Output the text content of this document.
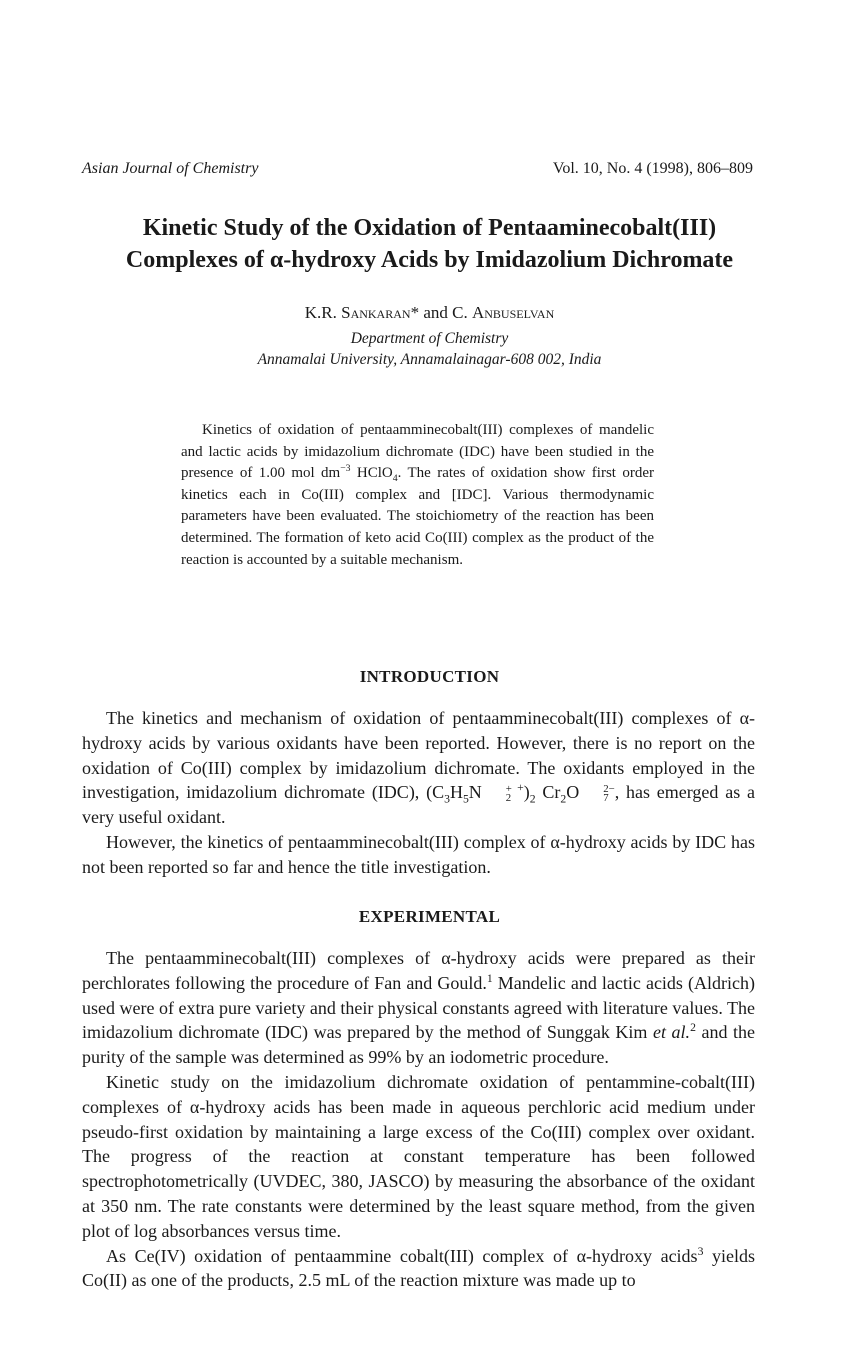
Asian Journal of Chemistry	Vol. 10, No. 4 (1998), 806–809
Kinetic Study of the Oxidation of Pentaaminecobalt(III)
Complexes of α-hydroxy Acids by Imidazolium Dichromate
K.R. Sankaran* and C. Anbuselvan
Department of Chemistry
Annamalai University, Annamalainagar-608 002, India

Kinetics of oxidation of pentaamminecobalt(III) complexes of mandelic and lactic acids by imidazolium dichromate (IDC) have been studied in the presence of 1.00 mol $dm^{-3}$ HClO$_4$. The rates of oxidation show first order kinetics each in Co(III) complex and [IDC]. Various thermodynamic parameters have been evaluated. The stoichiometry of the reaction has been determined. The formation of keto acid Co(III) complex as the product of the reaction is accounted by a suitable mechanism.

INTRODUCTION

The kinetics and mechanism of oxidation of pentaamminecobalt(III) complexes of α-hydroxy acids by various oxidants have been reported. However, there is no report on the oxidation of Co(III) complex by imidazolium dichromate. The oxidants employed in the investigation, imidazolium dichromate (IDC), ($C_3H_5N$	+
2
$^+)_2$ $Cr_2O$	2−
7 , has emerged as a very useful oxidant.

However, the kinetics of pentaamminecobalt(III) complex of α-hydroxy acids by IDC has not been reported so far and hence the title investigation.

EXPERIMENTAL

The pentaamminecobalt(III) complexes of α-hydroxy acids were prepared as their perchlorates following the procedure of Fan and Gould.$^1$ Mandelic and lactic acids (Aldrich) used were of extra pure variety and their physical constants agreed with literature values. The imidazolium dichromate (IDC) was prepared by the method of Sunggak Kim et al.$^2$ and the purity of the sample was determined as 99% by an iodometric procedure.

Kinetic study on the imidazolium dichromate oxidation of pentammine-cobalt(III) complexes of α-hydroxy acids has been made in aqueous perchloric acid medium under pseudo-first oxidation by maintaining a large excess of the Co(III) complex over oxidant. The progress of the reaction at constant temperature has been followed spectrophotometrically (UVDEC, 380, JASCO) by measuring the absorbance of the oxidant at 350 nm. The rate constants were determined by the least square method, from the given plot of log absorbances versus time.

As Ce(IV) oxidation of pentaammine cobalt(III) complex of α-hydroxy acids$^3$ yields Co(II) as one of the products, 2.5 mL of the reaction mixture was made up to
